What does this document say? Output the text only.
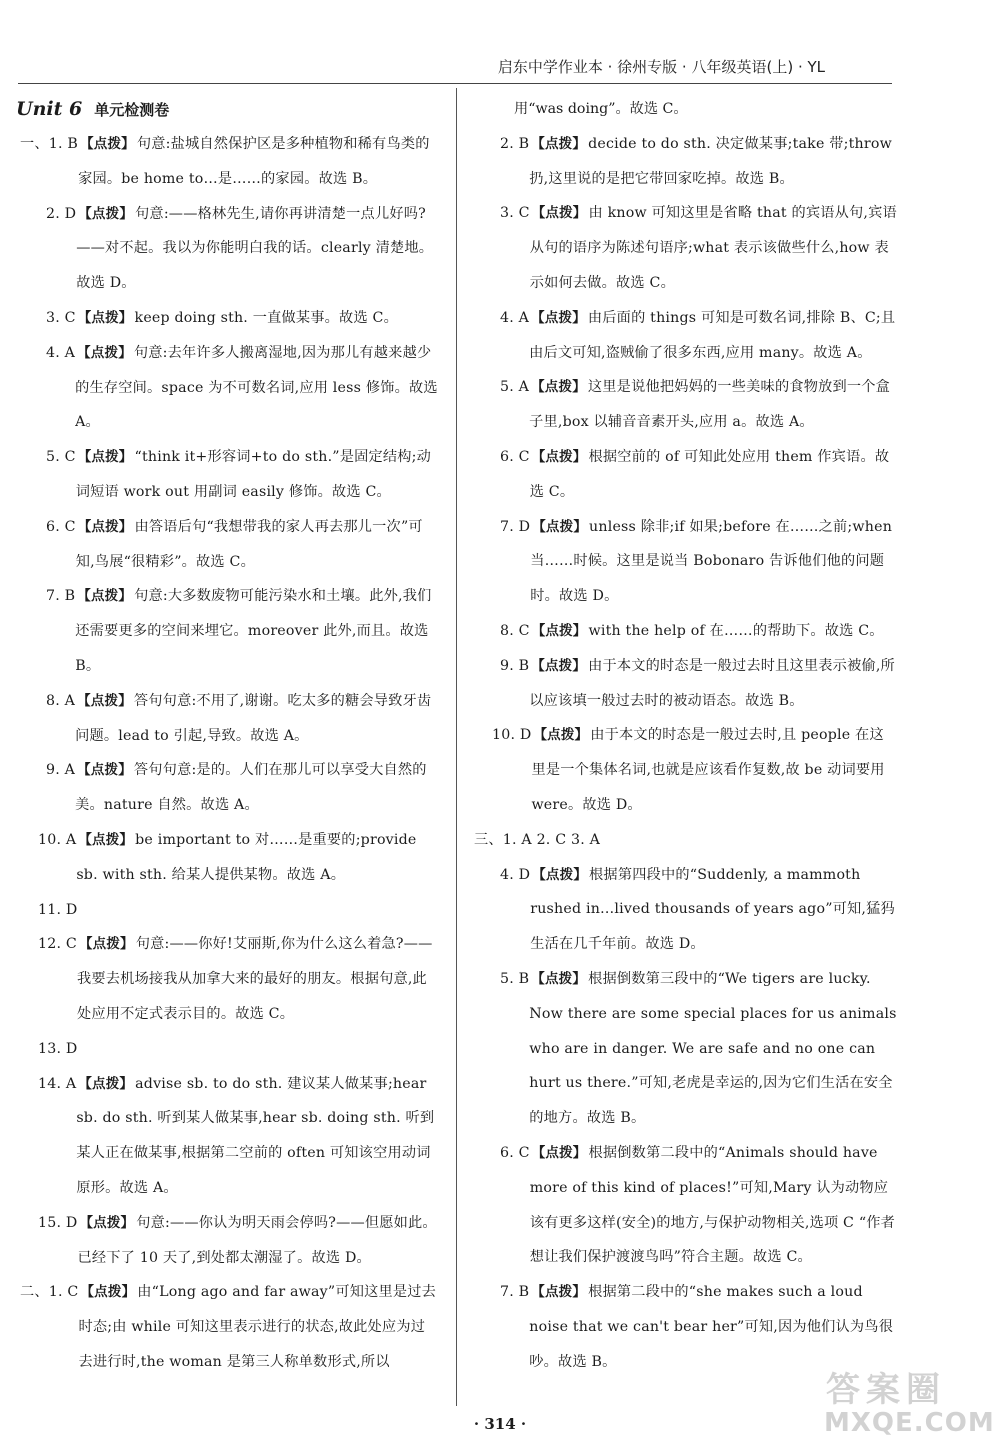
启东中学作业本 · 徐州专版 · 八年级英语(上) · YL
Unit 6 单元检测卷
一、1. B 【点拨】 句意:盐城自然保护区是多种植物和稀有鸟类的家园。be home to…是……的家园。故选 B。
2. D 【点拨】 句意:——格林先生,请你再讲清楚一点儿好吗?——对不起。我以为你能明白我的话。clearly 清楚地。故选 D。
3. C 【点拨】 keep doing sth. 一直做某事。故选 C。
4. A 【点拨】 句意:去年许多人搬离湿地,因为那儿有越来越少的生存空间。space 为不可数名词,应用 less 修饰。故选 A。
5. C 【点拨】 “think it+形容词+to do sth.”是固定结构;动词短语 work out 用副词 easily 修饰。故选 C。
6. C 【点拨】 由答语后句“我想带我的家人再去那儿一次”可知,鸟展“很精彩”。故选 C。
7. B 【点拨】 句意:大多数废物可能污染水和土壤。此外,我们还需要更多的空间来埋它。moreover 此外,而且。故选 B。
8. A 【点拨】 答句句意:不用了,谢谢。吃太多的糖会导致牙齿问题。lead to 引起,导致。故选 A。
9. A 【点拨】 答句句意:是的。人们在那儿可以享受大自然的美。nature 自然。故选 A。
10. A 【点拨】 be important to 对……是重要的;provide sb. with sth. 给某人提供某物。故选 A。
11. D
12. C 【点拨】 句意:——你好!艾丽斯,你为什么这么着急?——我要去机场接我从加拿大来的最好的朋友。根据句意,此处应用不定式表示目的。故选 C。
13. D
14. A 【点拨】 advise sb. to do sth. 建议某人做某事;hear sb. do sth. 听到某人做某事,hear sb. doing sth. 听到某人正在做某事,根据第二空前的 often 可知该空用动词原形。故选 A。
15. D 【点拨】 句意:——你认为明天雨会停吗?——但愿如此。已经下了 10 天了,到处都太潮湿了。故选 D。
二、1. C 【点拨】 由“Long ago and far away”可知这里是过去时态;由 while 可知这里表示进行的状态,故此处应为过去进行时,the woman 是第三人称单数形式,所以
用“was doing”。故选 C。
2. B 【点拨】 decide to do sth. 决定做某事;take 带;throw 扔,这里说的是把它带回家吃掉。故选 B。
3. C 【点拨】 由 know 可知这里是省略 that 的宾语从句,宾语从句的语序为陈述句语序;what 表示该做些什么,how 表示如何去做。故选 C。
4. A 【点拨】 由后面的 things 可知是可数名词,排除 B、C;且由后文可知,盗贼偷了很多东西,应用 many。故选 A。
5. A 【点拨】 这里是说他把妈妈的一些美味的食物放到一个盒子里,box 以辅音音素开头,应用 a。故选 A。
6. C 【点拨】 根据空前的 of 可知此处应用 them 作宾语。故选 C。
7. D 【点拨】 unless 除非;if 如果;before 在……之前;when 当……时候。这里是说当 Bobonaro 告诉他们他的问题时。故选 D。
8. C 【点拨】 with the help of 在……的帮助下。故选 C。
9. B 【点拨】 由于本文的时态是一般过去时且这里表示被偷,所以应该填一般过去时的被动语态。故选 B。
10. D 【点拨】 由于本文的时态是一般过去时,且 people 在这里是一个集体名词,也就是应该看作复数,故 be 动词要用 were。故选 D。
三、1. A 2. C 3. A
4. D 【点拨】 根据第四段中的“Suddenly, a mammoth rushed in…lived thousands of years ago”可知,猛犸生活在几千年前。故选 D。
5. B 【点拨】 根据倒数第三段中的“We tigers are lucky. Now there are some special places for us animals who are in danger. We are safe and no one can hurt us there.”可知,老虎是幸运的,因为它们生活在安全的地方。故选 B。
6. C 【点拨】 根据倒数第二段中的“Animals should have more of this kind of places!”可知,Mary 认为动物应该有更多这样(安全)的地方,与保护动物相关,选项 C “作者想让我们保护渡渡鸟吗”符合主题。故选 C。
7. B 【点拨】 根据第二段中的“she makes such a loud noise that we can't bear her”可知,因为他们认为鸟很吵。故选 B。
· 314 ·
答案圈
MXQE.COM
